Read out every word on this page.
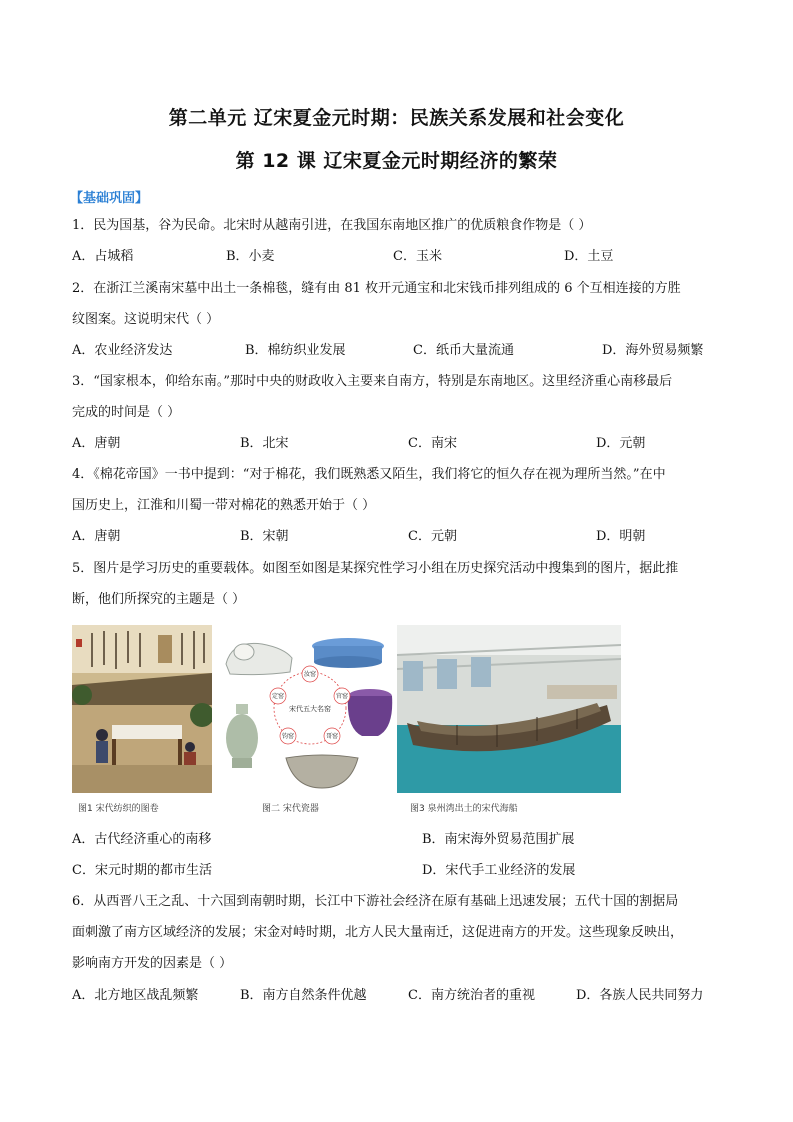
第二单元 辽宋夏金元时期：民族关系发展和社会变化
第 12 课 辽宋夏金元时期经济的繁荣
【基础巩固】
1．民为国基，谷为民命。北宋时从越南引进，在我国东南地区推广的优质粮食作物是（ ）
A．占城稻	B．小麦	C．玉米	D．土豆
2．在浙江兰溪南宋墓中出土一条棉毯，缝有由 81 枚开元通宝和北宋钱币排列组成的 6 个互相连接的方胜
纹图案。这说明宋代（ ）
A．农业经济发达	B．棉纺织业发展	C．纸币大量流通	D．海外贸易频繁
3．“国家根本，仰给东南。”那时中央的财政收入主要来自南方，特别是东南地区。这里经济重心南移最后
完成的时间是（ ）
A．唐朝	B．北宋	C．南宋	D．元朝
4．《棉花帝国》一书中提到：“对于棉花，我们既熟悉又陌生，我们将它的恒久存在视为理所当然。”在中
国历史上，江淮和川蜀一带对棉花的熟悉开始于（ ）
A．唐朝	B．宋朝	C．元朝	D．明朝
5．图片是学习历史的重要载体。如图至如图是某探究性学习小组在历史探究活动中搜集到的图片，据此推
断，他们所探究的主题是（ ）
宋代五大名窑
汝窑
官窑
哥窑
钧窑
定窑
图1 宋代纺织的图卷	图二 宋代瓷器	图3 泉州湾出土的宋代海船
A．古代经济重心的南移	B．南宋海外贸易范围扩展
C．宋元时期的都市生活	D．宋代手工业经济的发展
6．从西晋八王之乱、十六国到南朝时期，长江中下游社会经济在原有基础上迅速发展；五代十国的割据局
面刺激了南方区域经济的发展；宋金对峙时期，北方人民大量南迁，这促进南方的开发。这些现象反映出，
影响南方开发的因素是（ ）
A．北方地区战乱频繁	B．南方自然条件优越	C．南方统治者的重视	D．各族人民共同努力
